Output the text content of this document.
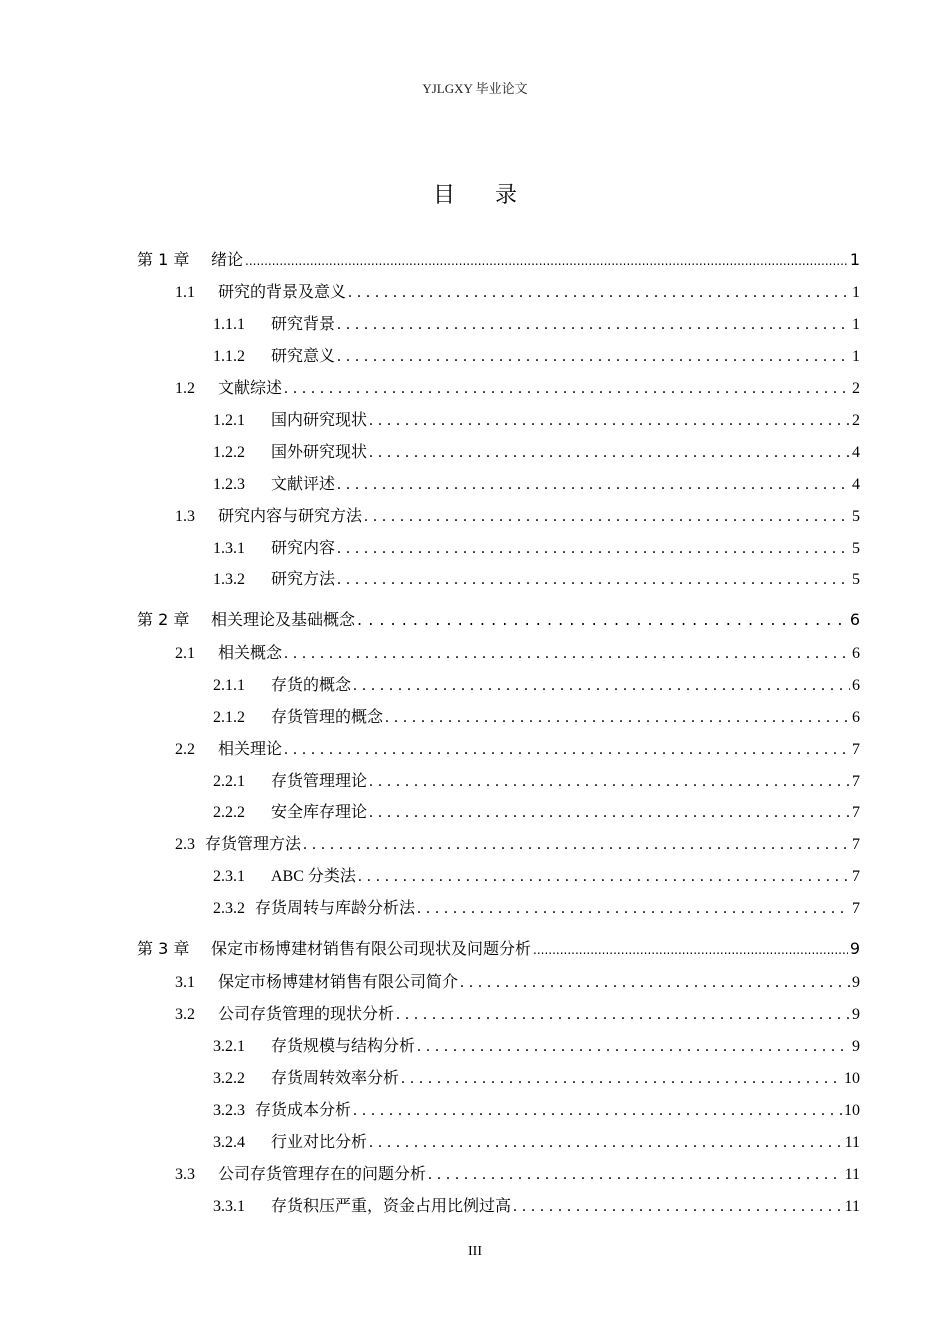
YJLGXY 毕业论文
目录
第 1 章	绪论 .....	1
1.1	研究的背景及意义 . . .	1
1.1.1	研究背景 . . .	1
1.1.2	研究意义 . . .	1
1.2	文献综述 . . .	2
1.2.1	国内研究现状 . . .	2
1.2.2	国外研究现状 . . .	4
1.2.3	文献评述 . . .	4
1.3	研究内容与研究方法 . . .	5
1.3.1	研究内容 . . .	5
1.3.2	研究方法 . . .	5
第 2 章	相关理论及基础概念 . . .	6
2.1	相关概念 . . .	6
2.1.1	存货的概念 . . .	6
2.1.2	存货管理的概念 . . .	6
2.2	相关理论 . . .	7
2.2.1	存货管理理论 . . .	7
2.2.2	安全库存理论 . . .	7
2.3 存货管理方法 . . .	7
2.3.1	ABC 分类法 . . .	7
2.3.2 存货周转与库龄分析法 . . .	7
第 3 章	保定市杨博建材销售有限公司现状及问题分析 .....	9
3.1	保定市杨博建材销售有限公司简介 . . .	9
3.2	公司存货管理的现状分析 . . .	9
3.2.1	存货规模与结构分析 . . .	9
3.2.2	存货周转效率分析 . . .	10
3.2.3 存货成本分析 . . .	10
3.2.4	行业对比分析 . . .	11
3.3	公司存货管理存在的问题分析 . . .	11
3.3.1	存货积压严重，资金占用比例过高 . . .	11
III
